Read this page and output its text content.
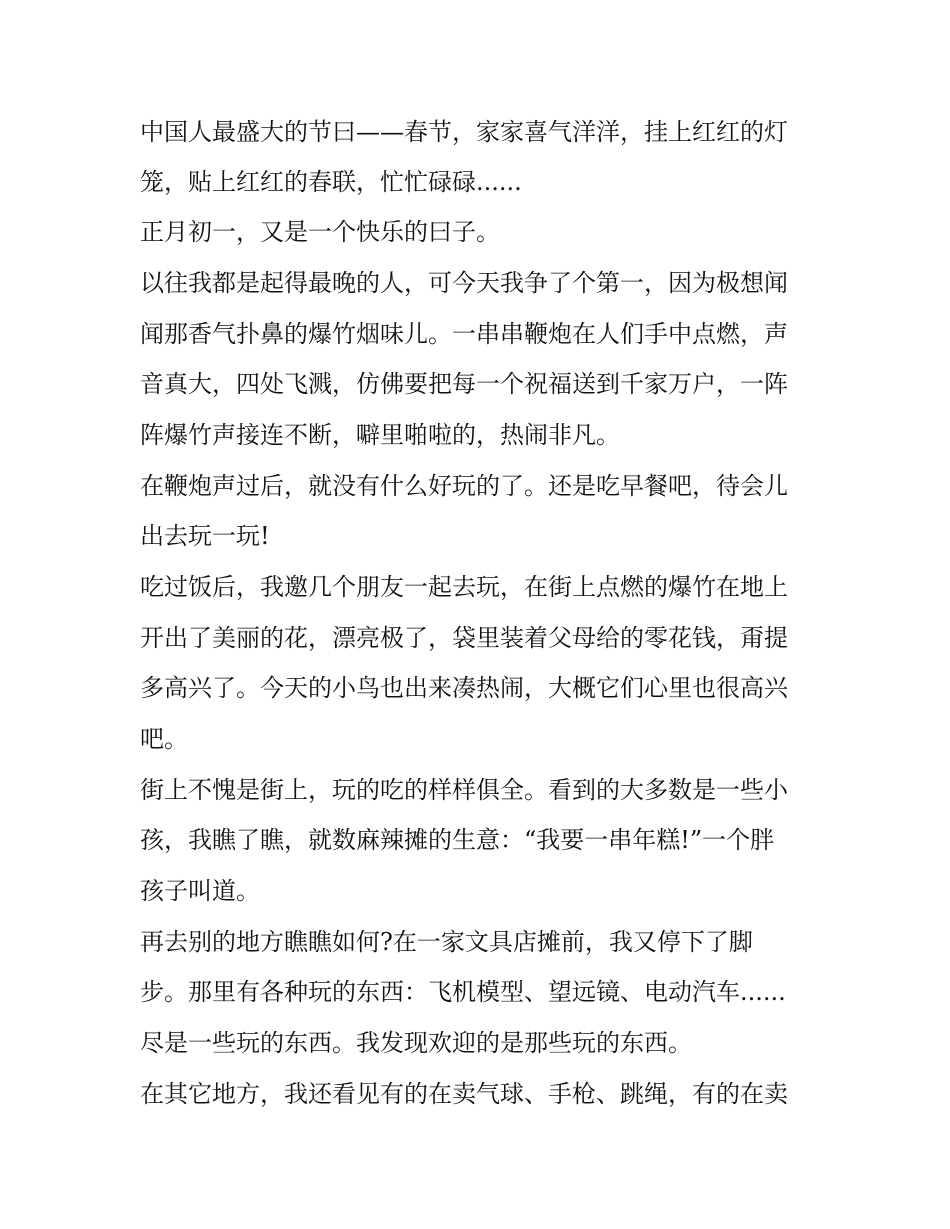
中国人最盛大的节曰——春节，家家喜气洋洋，挂上红红的灯
笼，贴上红红的春联，忙忙碌碌......
正月初一，又是一个快乐的曰子。
以往我都是起得最晚的人，可今天我争了个第一，因为极想闻
闻那香气扑鼻的爆竹烟味儿。一串串鞭炮在人们手中点燃，声
音真大，四处飞溅，仿佛要把每一个祝福送到千家万户，一阵
阵爆竹声接连不断，噼里啪啦的，热闹非凡。
在鞭炮声过后，就没有什么好玩的了。还是吃早餐吧，待会儿
出去玩一玩!
吃过饭后，我邀几个朋友一起去玩，在街上点燃的爆竹在地上
开出了美丽的花，漂亮极了，袋里装着父母给的零花钱，甭提
多高兴了。今天的小鸟也出来凑热闹，大概它们心里也很高兴
吧。
街上不愧是街上，玩的吃的样样俱全。看到的大多数是一些小
孩，我瞧了瞧，就数麻辣摊的生意：“我要一串年糕!”一个胖
孩子叫道。
再去别的地方瞧瞧如何?在一家文具店摊前，我又停下了脚
步。那里有各种玩的东西：飞机模型、望远镜、电动汽车......
尽是一些玩的东西。我发现欢迎的是那些玩的东西。
在其它地方，我还看见有的在卖气球、手枪、跳绳，有的在卖
